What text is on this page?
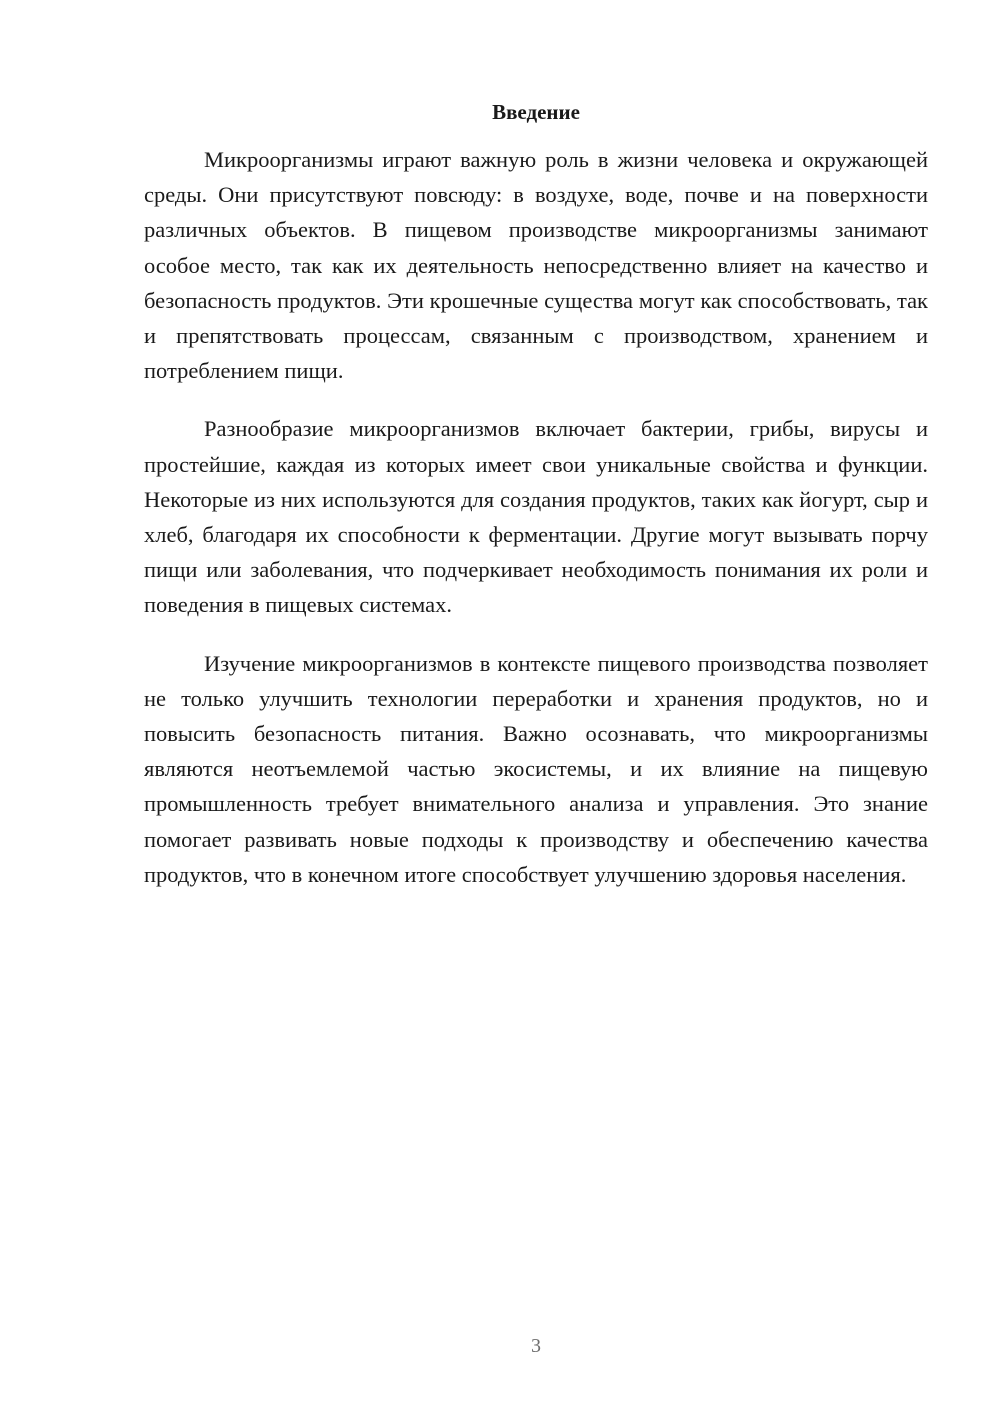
Введение

Микроорганизмы играют важную роль в жизни человека и окружающей среды. Они присутствуют повсюду: в воздухе, воде, почве и на поверхности различных объектов. В пищевом производстве микроорганизмы занимают особое место, так как их деятельность непосредственно влияет на качество и безопасность продуктов. Эти крошечные существа могут как способствовать, так и препятствовать процессам, связанным с производством, хранением и потреблением пищи.

Разнообразие микроорганизмов включает бактерии, грибы, вирусы и простейшие, каждая из которых имеет свои уникальные свойства и функции. Некоторые из них используются для создания продуктов, таких как йогурт, сыр и хлеб, благодаря их способности к ферментации. Другие могут вызывать порчу пищи или заболевания, что подчеркивает необходимость понимания их роли и поведения в пищевых системах.

Изучение микроорганизмов в контексте пищевого производства позволяет не только улучшить технологии переработки и хранения продуктов, но и повысить безопасность питания. Важно осознавать, что микроорганизмы являются неотъемлемой частью экосистемы, и их влияние на пищевую промышленность требует внимательного анализа и управления. Это знание помогает развивать новые подходы к производству и обеспечению качества продуктов, что в конечном итоге способствует улучшению здоровья населения.

3
